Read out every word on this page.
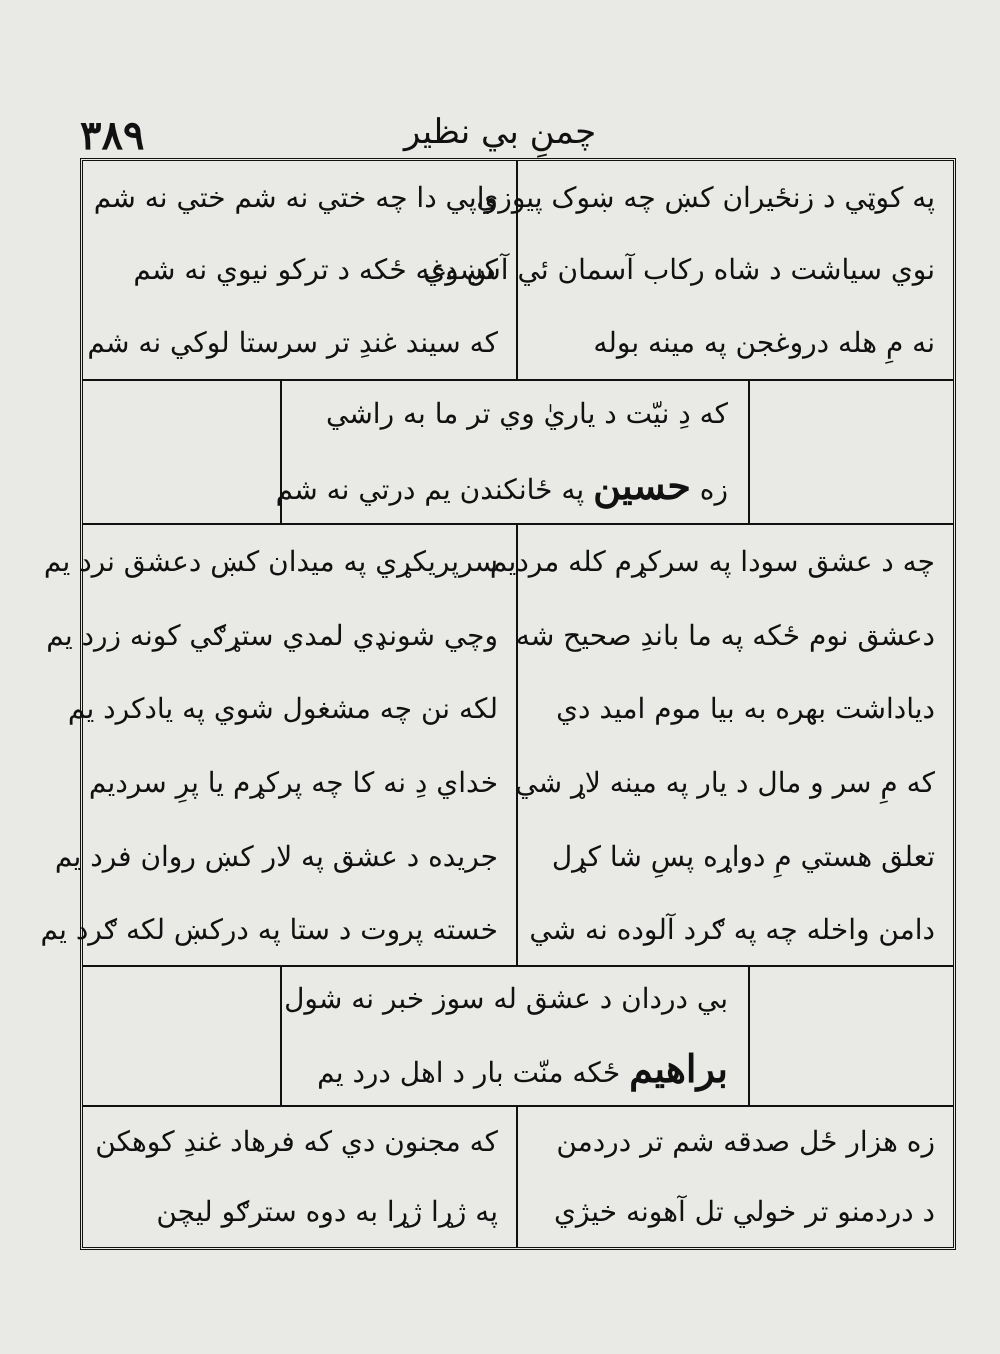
۳۸۹	چمنِ بي نظير
په کوټي د زنځيران کښ چه ښوک پيوزي
نوي سياشت د شاه رکاب آسمان ئي آس دي
نه مِ هله دروغجن په مينه بوله
واپي دا چه ختي نه شم ختي نه شم
کښوغه ځکه د ترکو نيوي نه شم
که سيند غندِ تر سرستا لوکي نه شم
که دِ نيّت د ياريٰ وي تر ما به راشي
زه حسين په ځانکندن يم درتي نه شم
چه د عشق سودا په سرکړم کله مرديم
دعشق نوم ځکه په ما باندِ صحيح شه
دياداشت بهره به بيا موم اميد دي
که مِ سر و مال د يار په مينه لاړ شي
تعلق هستي مِ دواړه پسِ شا کړل
دامن واخله چه په ګرد آلوده نه شي
سرپريکړي په ميدان کښ دعشق نرد يم
وچي شونډي لمدي ستړګي کونه زرد يم
لکه نن چه مشغول شوي په يادکرد يم
خداي دِ نه کا چه پرکړم يا پرِ سرديم
جريده د عشق په لار کښ روان فرد يم
خسته پروت د ستا په درکښ لکه ګرد يم
بي دردان د عشق له سوز خبر نه شول
براهيم ځکه منّت بار د اهل درد يم
زه هزار ځل صدقه شم تر دردمن
د دردمنو تر خولي تل آهونه خيژي
که مجنون دي که فرهاد غندِ کوهکن
په ژړا ژړا به دوه سترګو ليچن
